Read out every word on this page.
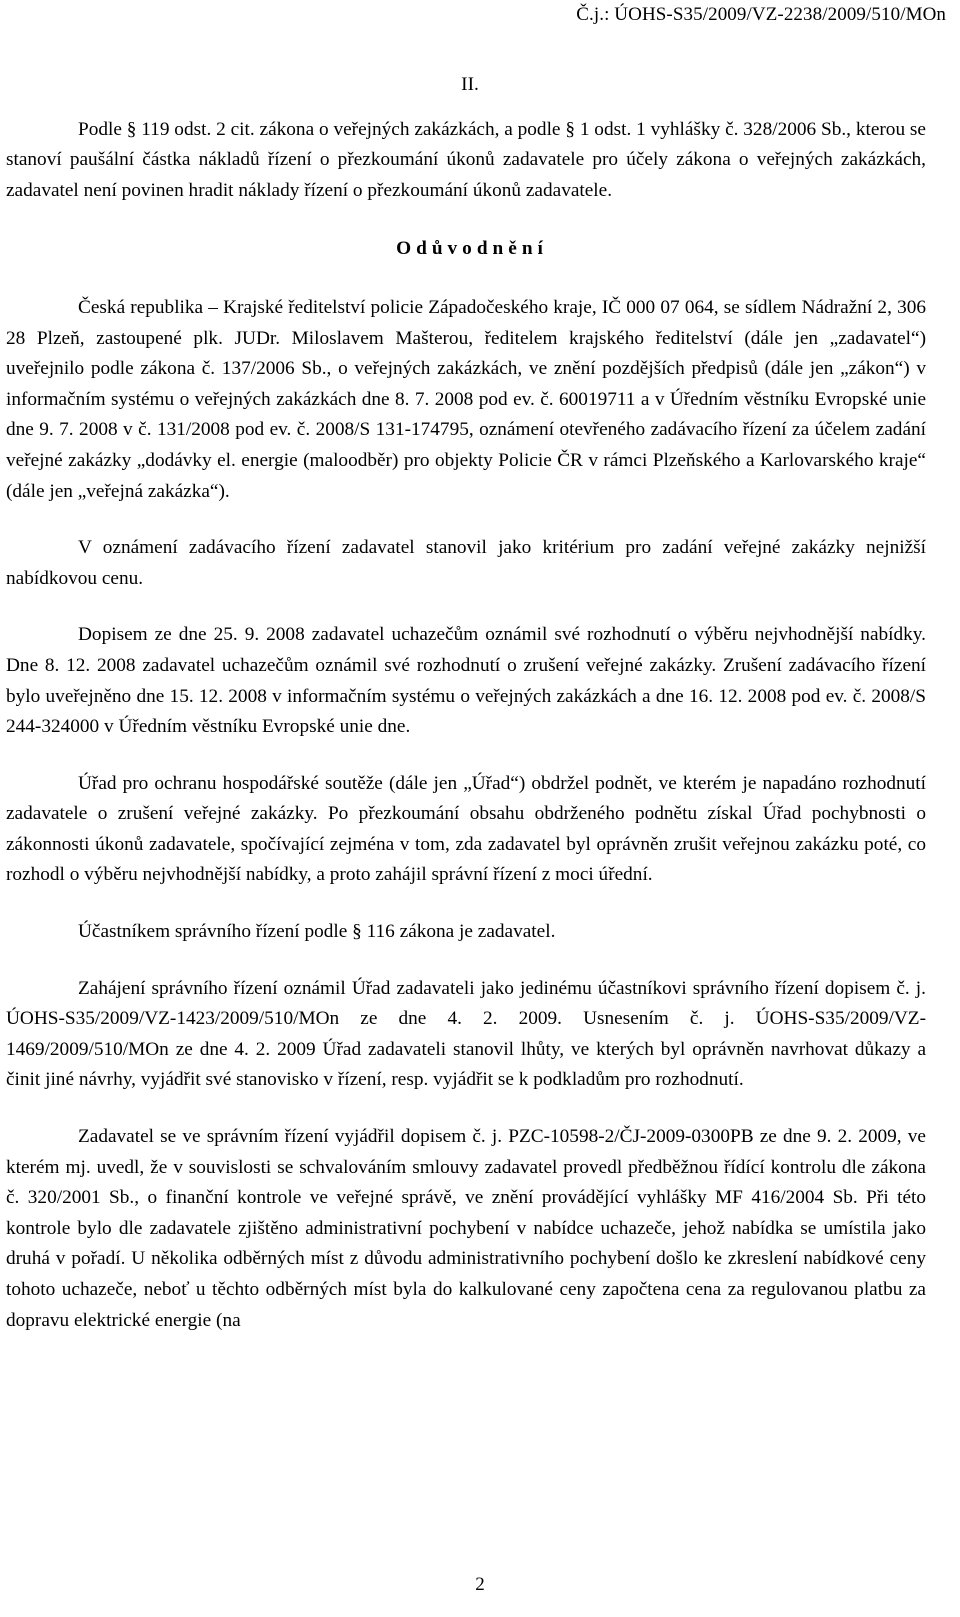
Č.j.: ÚOHS-S35/2009/VZ-2238/2009/510/MOn
II.

Podle § 119 odst. 2 cit. zákona o veřejných zakázkách, a podle § 1 odst. 1 vyhlášky č. 328/2006 Sb., kterou se stanoví paušální částka nákladů řízení o přezkoumání úkonů zadavatele pro účely zákona o veřejných zakázkách, zadavatel není povinen hradit náklady řízení o přezkoumání úkonů zadavatele.

Odůvodnění

Česká republika – Krajské ředitelství policie Západočeského kraje, IČ 000 07 064, se sídlem Nádražní 2, 306 28 Plzeň, zastoupené plk. JUDr. Miloslavem Mašterou, ředitelem krajského ředitelství (dále jen „zadavatel“) uveřejnilo podle zákona č. 137/2006 Sb., o veřejných zakázkách, ve znění pozdějších předpisů (dále jen „zákon“) v informačním systému o veřejných zakázkách dne 8. 7. 2008 pod ev. č. 60019711 a v Úředním věstníku Evropské unie dne 9. 7. 2008 v č. 131/2008 pod ev. č. 2008/S 131-174795, oznámení otevřeného zadávacího řízení za účelem zadání veřejné zakázky „dodávky el. energie (maloodběr) pro objekty Policie ČR v rámci Plzeňského a Karlovarského kraje“ (dále jen „veřejná zakázka“).

V oznámení zadávacího řízení zadavatel stanovil jako kritérium pro zadání veřejné zakázky nejnižší nabídkovou cenu.

Dopisem ze dne 25. 9. 2008 zadavatel uchazečům oznámil své rozhodnutí o výběru nejvhodnější nabídky. Dne 8. 12. 2008 zadavatel uchazečům oznámil své rozhodnutí o zrušení veřejné zakázky. Zrušení zadávacího řízení bylo uveřejněno dne 15. 12. 2008 v informačním systému o veřejných zakázkách a dne 16. 12. 2008 pod ev. č. 2008/S 244-324000 v Úředním věstníku Evropské unie dne.

Úřad pro ochranu hospodářské soutěže (dále jen „Úřad“) obdržel podnět, ve kterém je napadáno rozhodnutí zadavatele o zrušení veřejné zakázky. Po přezkoumání obsahu obdrženého podnětu získal Úřad pochybnosti o zákonnosti úkonů zadavatele, spočívající zejména v tom, zda zadavatel byl oprávněn zrušit veřejnou zakázku poté, co rozhodl o výběru nejvhodnější nabídky, a proto zahájil správní řízení z moci úřední.

Účastníkem správního řízení podle § 116 zákona je zadavatel.

Zahájení správního řízení oznámil Úřad zadavateli jako jedinému účastníkovi správního řízení dopisem č. j. ÚOHS-S35/2009/VZ-1423/2009/510/MOn ze dne 4. 2. 2009. Usnesením č. j. ÚOHS-S35/2009/VZ-1469/2009/510/MOn ze dne 4. 2. 2009 Úřad zadavateli stanovil lhůty, ve kterých byl oprávněn navrhovat důkazy a činit jiné návrhy, vyjádřit své stanovisko v řízení, resp. vyjádřit se k podkladům pro rozhodnutí.

Zadavatel se ve správním řízení vyjádřil dopisem č. j. PZC-10598-2/ČJ-2009-0300PB ze dne 9. 2. 2009, ve kterém mj. uvedl, že v souvislosti se schvalováním smlouvy zadavatel provedl předběžnou řídící kontrolu dle zákona č. 320/2001 Sb., o finanční kontrole ve veřejné správě, ve znění provádějící vyhlášky MF 416/2004 Sb. Při této kontrole bylo dle zadavatele zjištěno administrativní pochybení v nabídce uchazeče, jehož nabídka se umístila jako druhá v pořadí. U několika odběrných míst z důvodu administrativního pochybení došlo ke zkreslení nabídkové ceny tohoto uchazeče, neboť u těchto odběrných míst byla do kalkulované ceny započtena cena za regulovanou platbu za dopravu elektrické energie (na

2
